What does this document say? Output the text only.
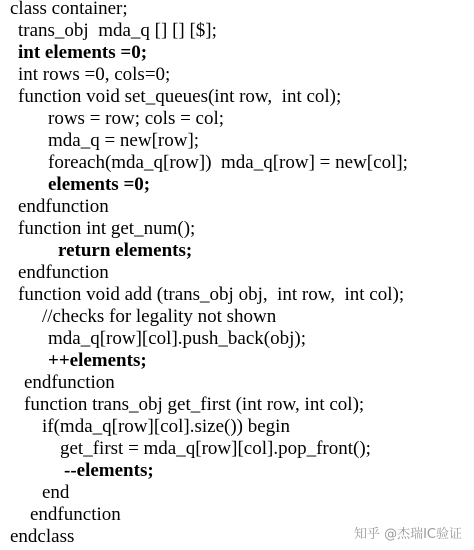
class container;
trans_obj  mda_q [] [] [$];
int elements =0;
int rows =0, cols=0;
function void set_queues(int row,  int col);
rows = row; cols = col;
mda_q = new[row];
foreach(mda_q[row])  mda_q[row] = new[col];
elements =0;
endfunction
function int get_num();
return elements;
endfunction
function void add (trans_obj obj,  int row,  int col);
//checks for legality not shown
mda_q[row][col].push_back(obj);
++elements;
endfunction
function trans_obj get_first (int row, int col);
if(mda_q[row][col].size()) begin
get_first = mda_q[row][col].pop_front();
--elements;
end
endfunction
endclass	知乎 @杰瑞IC验证
